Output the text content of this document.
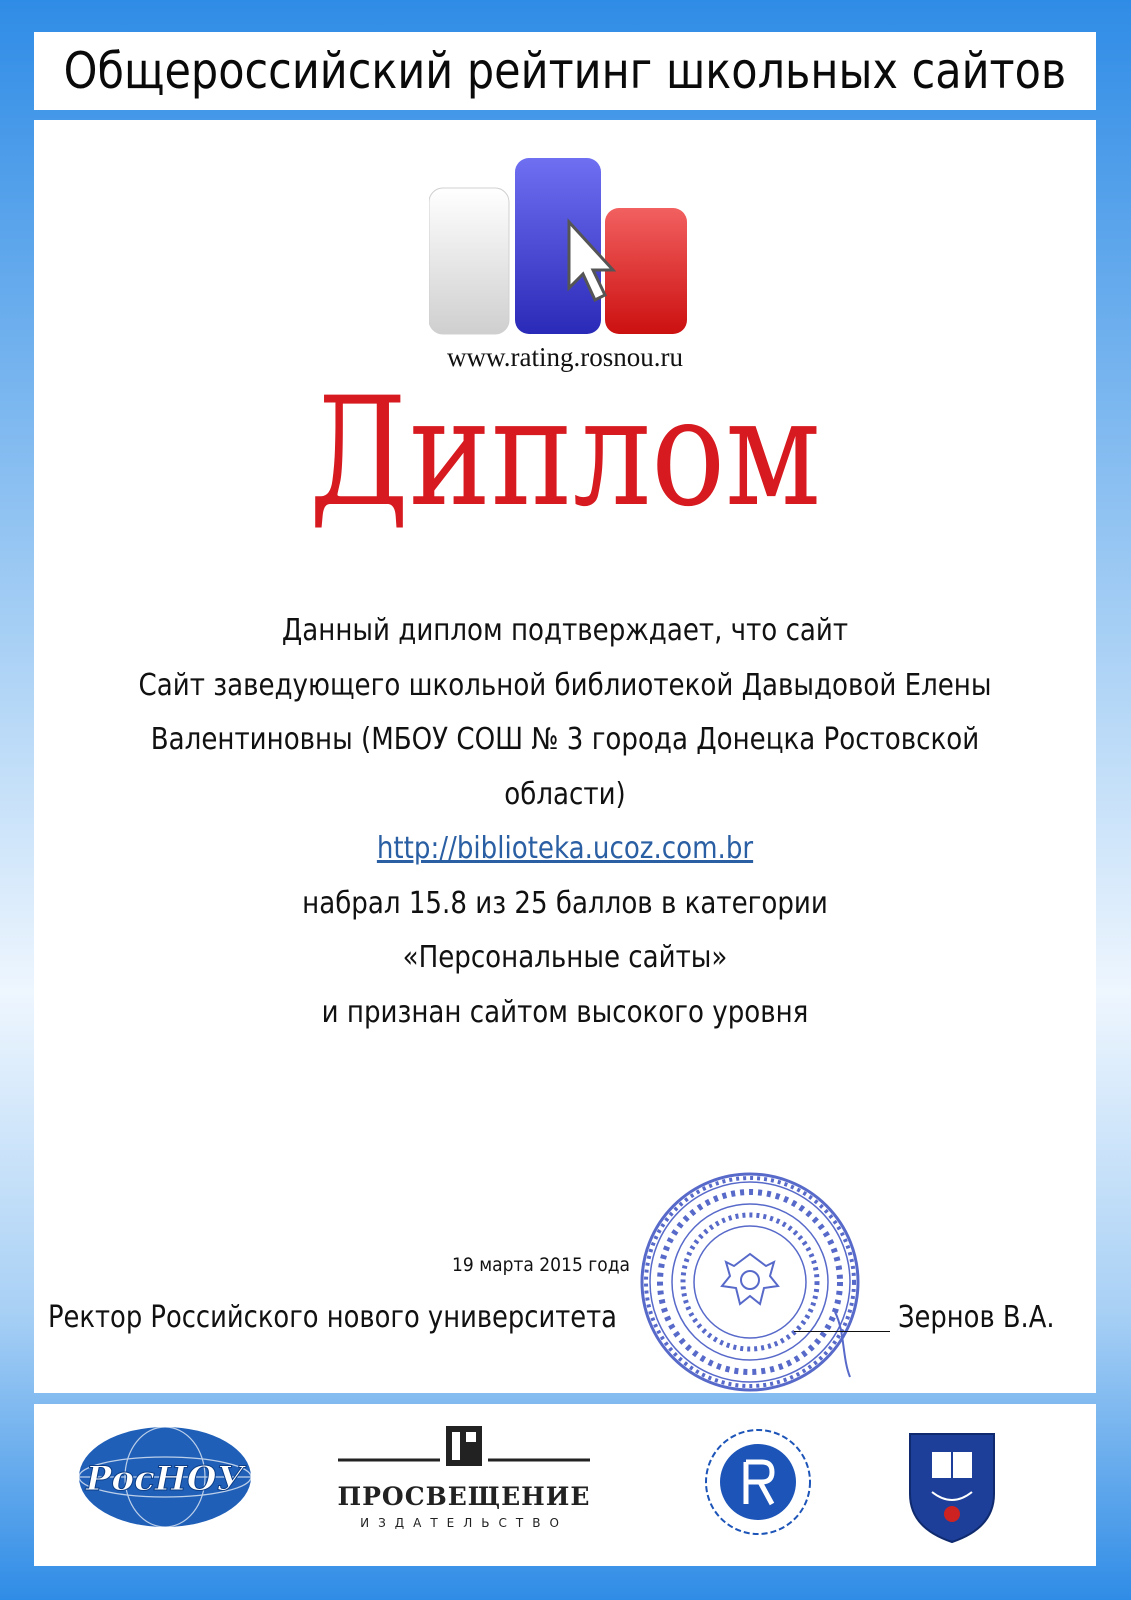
Общероссийский рейтинг школьных сайтов
www.rating.rosnou.ru
Диплом
Данный диплом подтверждает, что сайт
Сайт заведующего школьной библиотекой Давыдовой Елены
Валентиновны (МБОУ СОШ № 3 города Донецка Ростовской
области)
http://biblioteka.ucoz.com.br
набрал 15.8 из 25 баллов в категории
«Персональные сайты»
и признан сайтом высокого уровня
19 марта 2015 года
Ректор Российского нового университета	Зернов В.А.
РосНОУ	ПРОСВЕЩЕНИЕ
ИЗДАТЕЛЬСТВО
